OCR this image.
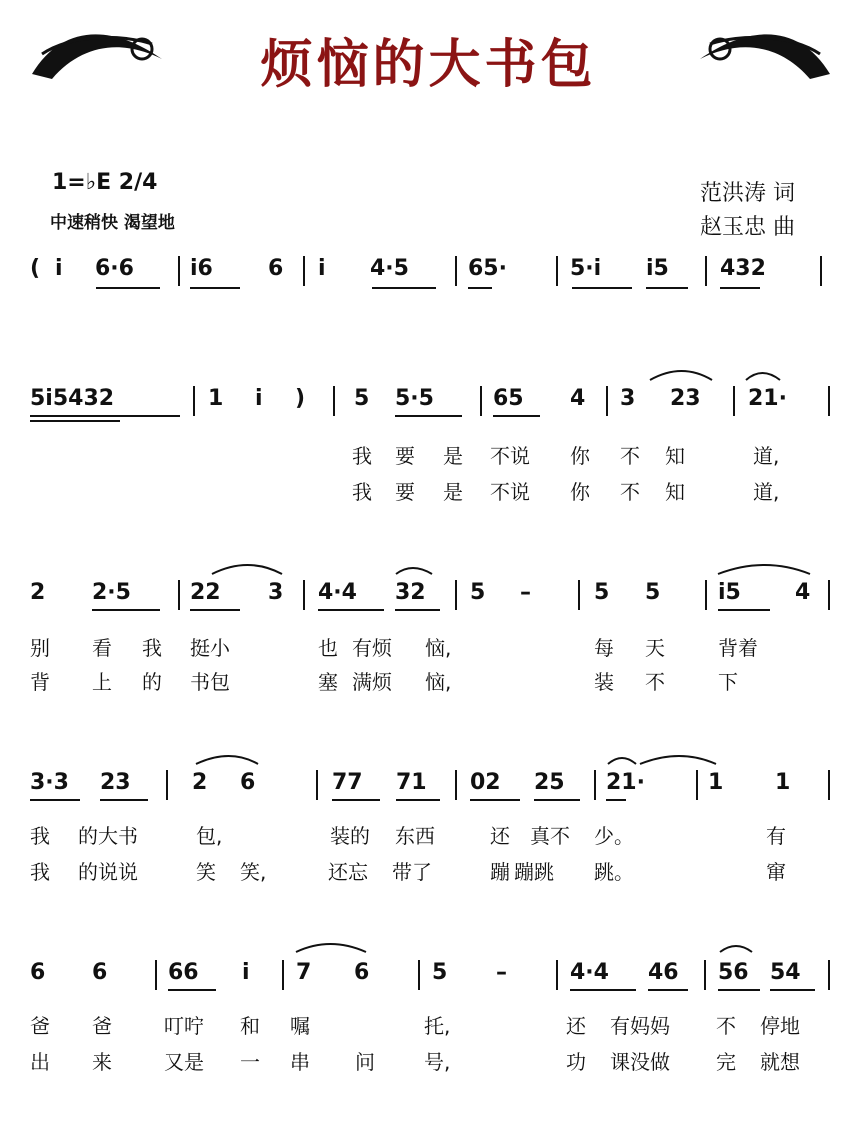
烦恼的大书包
1=♭E 2/4
中速稍快 渴望地
范洪涛 词
赵玉忠 曲
( i 6·6	i6	6 i 4·5	65·	5·i i5 432
5i5432	1 i ) 5 5·5	65 4 3 23 21·
我 要 是 不说 你 不 知	道,
我 要 是 不说 你 不 知	道,
2 2·5	22 3 4·4 32 5 –	5 5	i5 4
别 看 我 挺小	也 有烦 恼,	每 天	背着
背 上 的 书包	塞 满烦 恼,	装 不	下
3·3 23	2 6	77 71 02 25 21·	1 1
我 的大书	包,	装的 东西	还 真不 少。	有
我 的说说	笑 笑,	还忘 带了	蹦 蹦跳 跳。	窜
6 6	66 i 7 6	5 –	4·4 46 56 54
爸 爸	叮咛 和 嘱	托,	还 有妈妈 不 停地
出 来	又是 一 串 问 号,	功 课没做 完 就想
